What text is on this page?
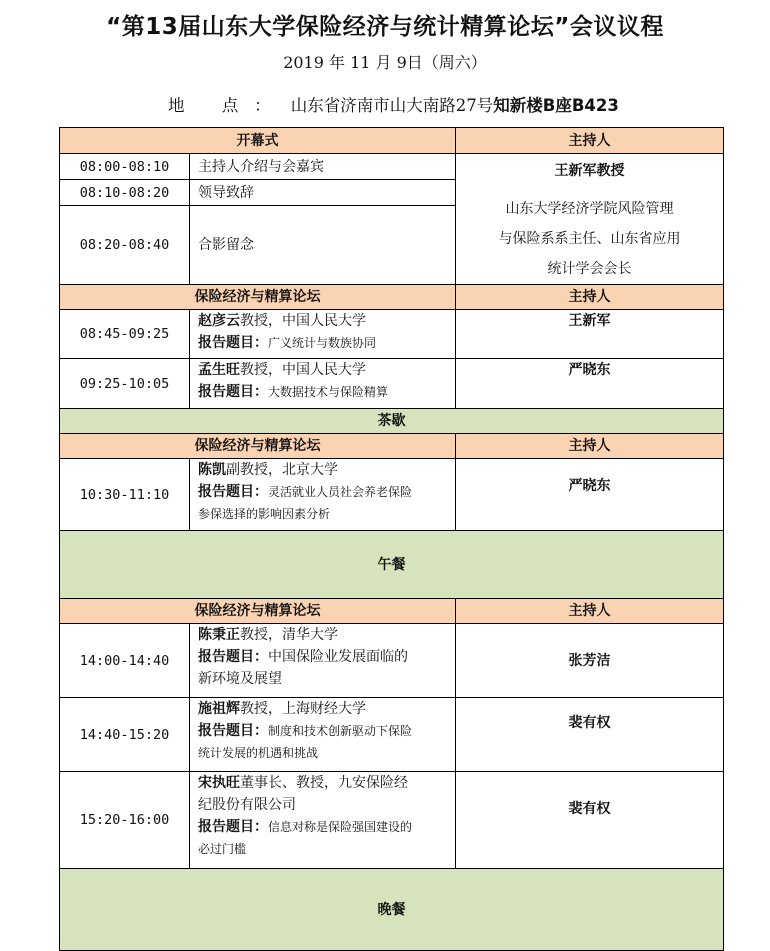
“第13届山东大学保险经济与统计精算论坛”会议议程
2019 年 11 月 9日（周六）
地 点： 山东省济南市山大南路27号知新楼B座B423
开幕式		主持人
08:00-08:10	主持人介绍与会嘉宾	王新军教授
山东大学经济学院风险管理
与保险系系主任、山东省应用
统计学会会长

08:10-08:20	领导致辞	
08:20-08:40	合影留念	
保险经济与精算论坛		主持人
08:45-09:25	赵彦云教授，中国人民大学
报告题目：广义统计与数族协同	王新军
09:25-10:05	孟生旺教授，中国人民大学
报告题目：大数据技术与保险精算	严晓东
茶歇		
保险经济与精算论坛		主持人
10:30-11:10	陈凯副教授，北京大学
报告题目：灵活就业人员社会养老保险
参保选择的影响因素分析	严晓东
午餐		
保险经济与精算论坛		主持人
14:00-14:40	陈秉正教授，清华大学
报告题目：中国保险业发展面临的
新环境及展望	张芳洁
14:40-15:20	施祖辉教授，上海财经大学
报告题目：制度和技术创新驱动下保险
统计发展的机遇和挑战	裴有权
15:20-16:00	宋执旺董事长、教授，九安保险经
纪股份有限公司
报告题目：信息对称是保险强国建设的
必过门槛	裴有权
晚餐		
